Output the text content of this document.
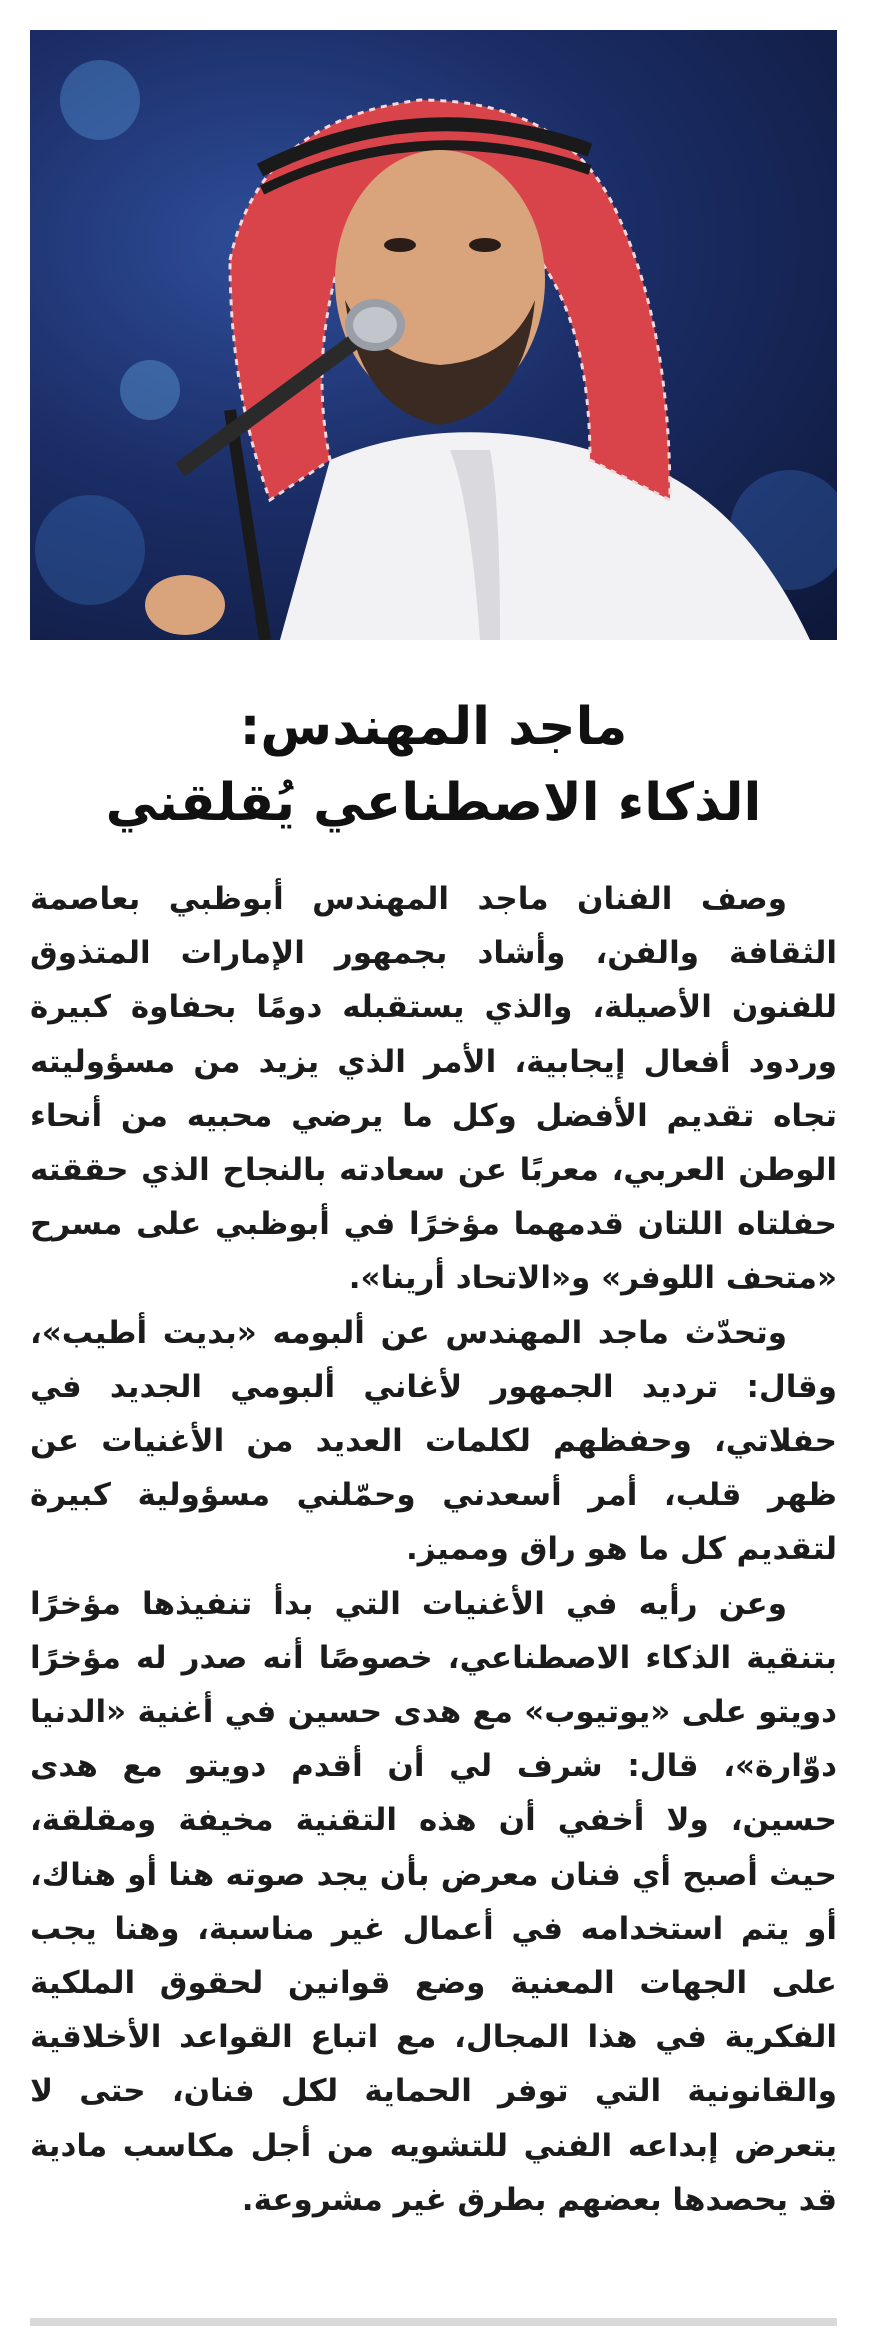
ماجد المهندس:
الذكاء الاصطناعي يُقلقني

وصف الفنان ماجد المهندس أبوظبي بعاصمة الثقافة والفن، وأشاد بجمهور الإمارات المتذوق للفنون الأصيلة، والذي يستقبله دومًا بحفاوة كبيرة وردود أفعال إيجابية، الأمر الذي يزيد من مسؤوليته تجاه تقديم الأفضل وكل ما يرضي محبيه من أنحاء الوطن العربي، معربًا عن سعادته بالنجاح الذي حققته حفلتاه اللتان قدمهما مؤخرًا في أبوظبي على مسرح «متحف اللوفر» و«الاتحاد أرينا».

وتحدّث ماجد المهندس عن ألبومه «بديت أطيب»، وقال: ترديد الجمهور لأغاني ألبومي الجديد في حفلاتي، وحفظهم لكلمات العديد من الأغنيات عن ظهر قلب، أمر أسعدني وحمّلني مسؤولية كبيرة لتقديم كل ما هو راق ومميز.

وعن رأيه في الأغنيات التي بدأ تنفيذها مؤخرًا بتنقية الذكاء الاصطناعي، خصوصًا أنه صدر له مؤخرًا دويتو على «يوتيوب» مع هدى حسين في أغنية «الدنيا دوّارة»، قال: شرف لي أن أقدم دويتو مع هدى حسين، ولا أخفي أن هذه التقنية مخيفة ومقلقة، حيث أصبح أي فنان معرض بأن يجد صوته هنا أو هناك، أو يتم استخدامه في أعمال غير مناسبة، وهنا يجب على الجهات المعنية وضع قوانين لحقوق الملكية الفكرية في هذا المجال، مع اتباع القواعد الأخلاقية والقانونية التي توفر الحماية لكل فنان، حتى لا يتعرض إبداعه الفني للتشويه من أجل مكاسب مادية قد يحصدها بعضهم بطرق غير مشروعة.
